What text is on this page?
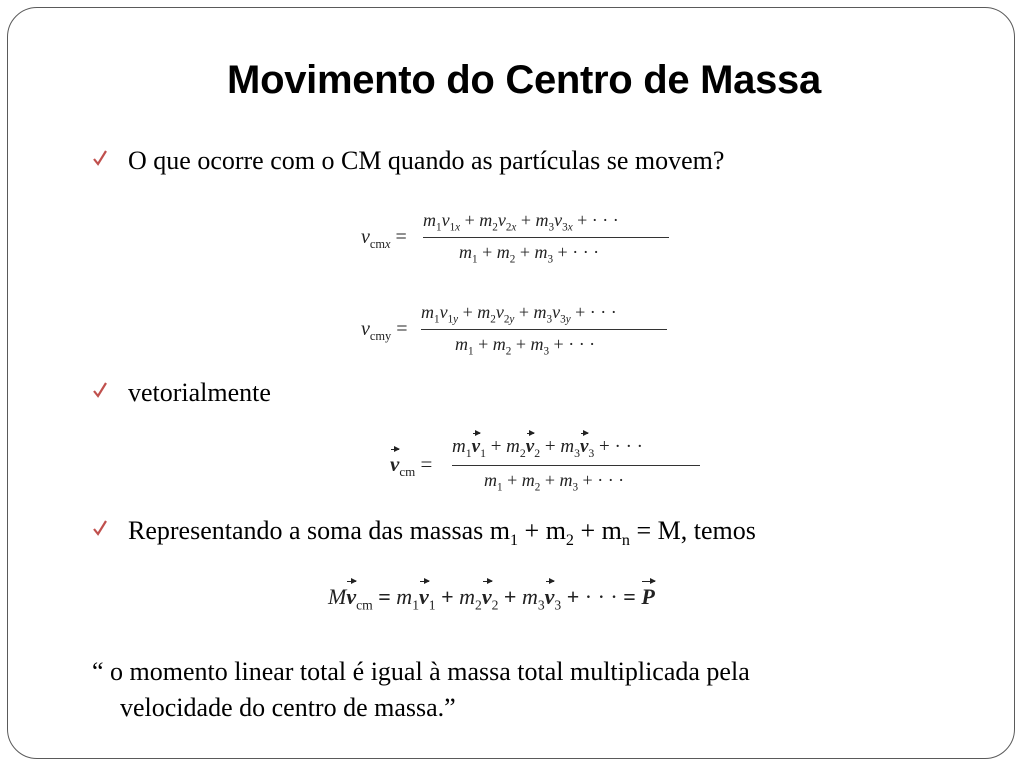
Movimento do Centro de Massa
O que ocorre com o CM quando as partículas se movem?
$v_{cmx}$ =
$m_1v_{1x} + m_2v_{2x} + m_3v_{3x}$ + · · ·
$m_1 + m_2 + m_3$ + · · ·
$v_{cmy}$ =
$m_1v_{1y} + m_2v_{2y} + m_3v_{3y}$ + · · ·
$m_1 + m_2 + m_3$ + · · ·
vetorialmente
$v_{cm}$ =
$m_1v_1 + m_2v_2 + m_3v_3$ + · · ·
$m_1 + m_2 + m_3$ + · · ·
Representando a soma das massas $m_1 + m_2 + m_n = M$, temos
$Mv_{cm} = m_1v_1 + m_2v_2 + m_3v_3$ + · · · = P
“ o momento linear total é igual à massa total multiplicada pela
velocidade do centro de massa.”
